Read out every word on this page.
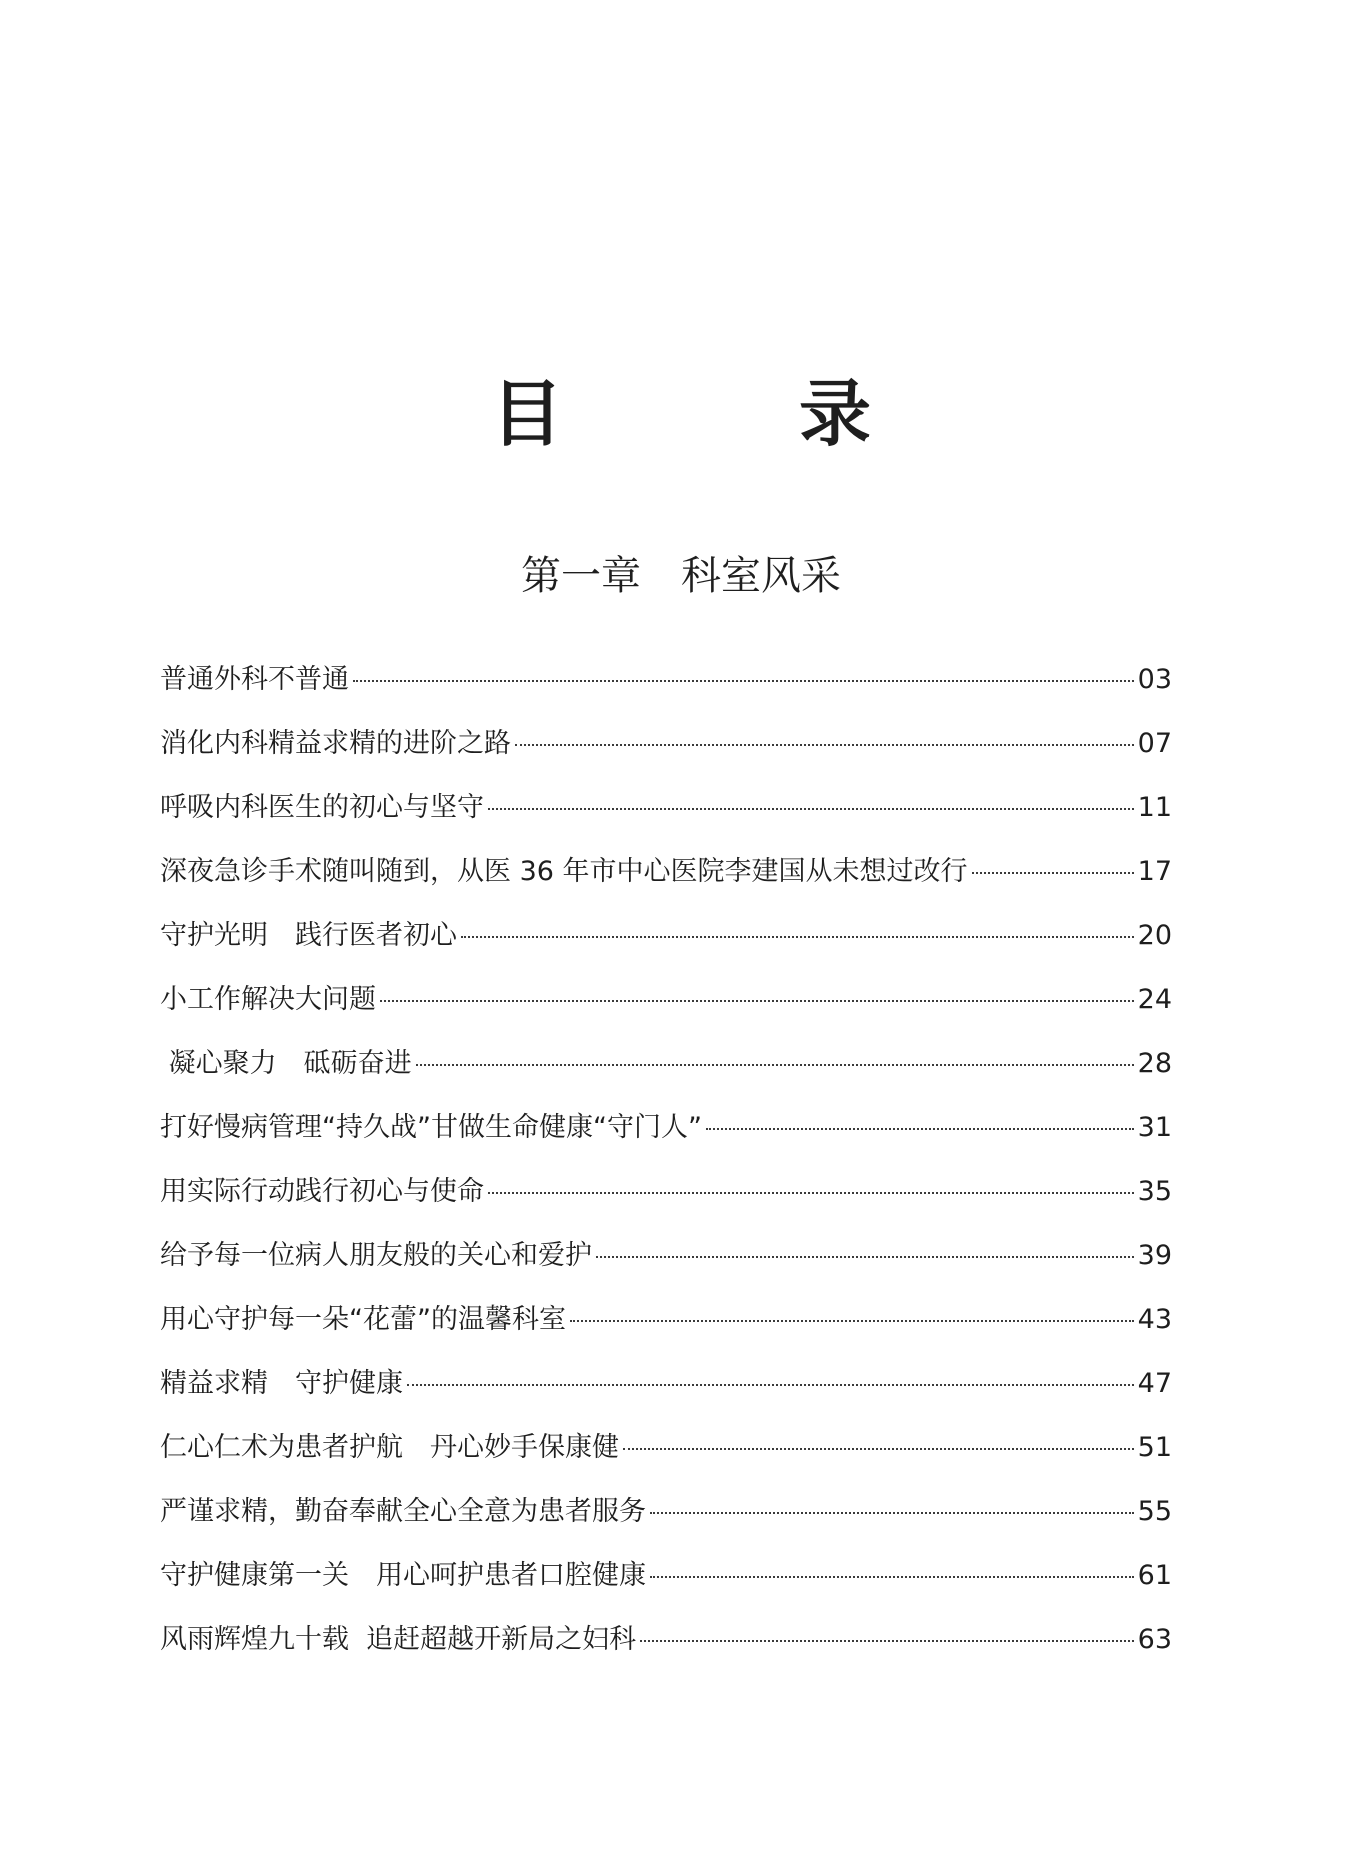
目　录
第一章　科室风采
普通外科不普通	03
消化内科精益求精的进阶之路	07
呼吸内科医生的初心与坚守	11
深夜急诊手术随叫随到，从医 36 年市中心医院李建国从未想过改行	17
守护光明　践行医者初心	20
小工作解决大问题	24
凝心聚力　砥砺奋进	28
打好慢病管理“持久战”甘做生命健康“守门人”	31
用实际行动践行初心与使命	35
给予每一位病人朋友般的关心和爱护	39
用心守护每一朵“花蕾”的温馨科室	43
精益求精　守护健康	47
仁心仁术为患者护航　丹心妙手保康健	51
严谨求精，勤奋奉献全心全意为患者服务	55
守护健康第一关　用心呵护患者口腔健康	61
风雨辉煌九十载  追赶超越开新局之妇科	63
